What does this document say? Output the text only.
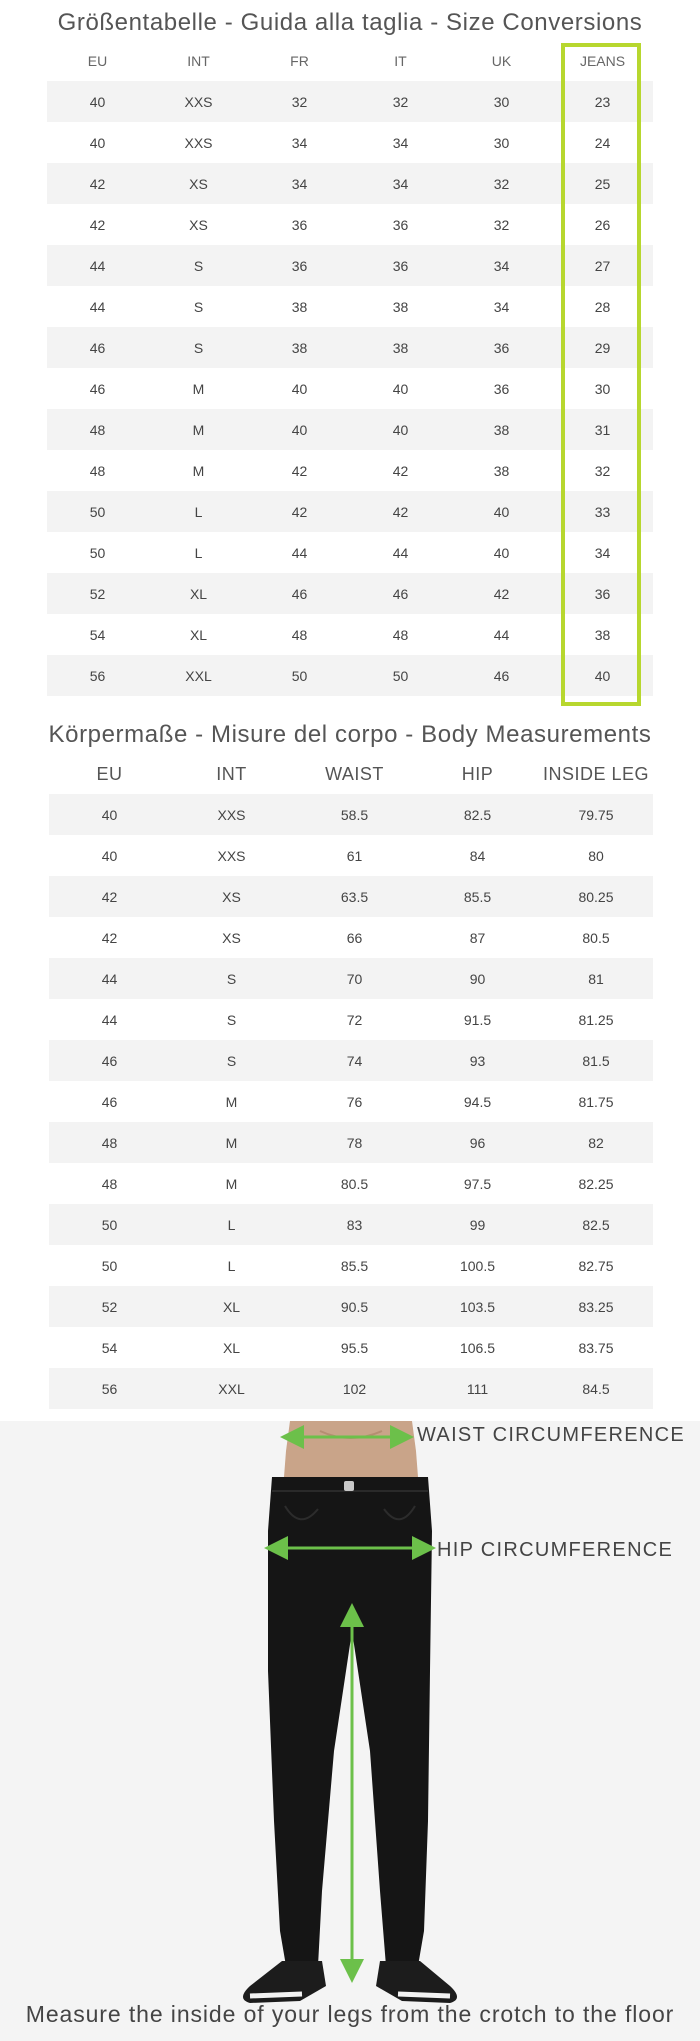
Größentabelle - Guida alla taglia - Size Conversions
EU	INT	FR	IT	UK	JEANS
40	XXS	32	32	30	23
40	XXS	34	34	30	24
42	XS	34	34	32	25
42	XS	36	36	32	26
44	S	36	36	34	27
44	S	38	38	34	28
46	S	38	38	36	29
46	M	40	40	36	30
48	M	40	40	38	31
48	M	42	42	38	32
50	L	42	42	40	33
50	L	44	44	40	34
52	XL	46	46	42	36
54	XL	48	48	44	38
56	XXL	50	50	46	40
Körpermaße - Misure del corpo - Body Measurements
EU	INT	WAIST	HIP	INSIDE LEG
40	XXS	58.5	82.5	79.75
40	XXS	61	84	80
42	XS	63.5	85.5	80.25
42	XS	66	87	80.5
44	S	70	90	81
44	S	72	91.5	81.25
46	S	74	93	81.5
46	M	76	94.5	81.75
48	M	78	96	82
48	M	80.5	97.5	82.25
50	L	83	99	82.5
50	L	85.5	100.5	82.75
52	XL	90.5	103.5	83.25
54	XL	95.5	106.5	83.75
56	XXL	102	111	84.5
WAIST CIRCUMFERENCE
HIP CIRCUMFERENCE
Measure the inside of your legs from the crotch to the floor
